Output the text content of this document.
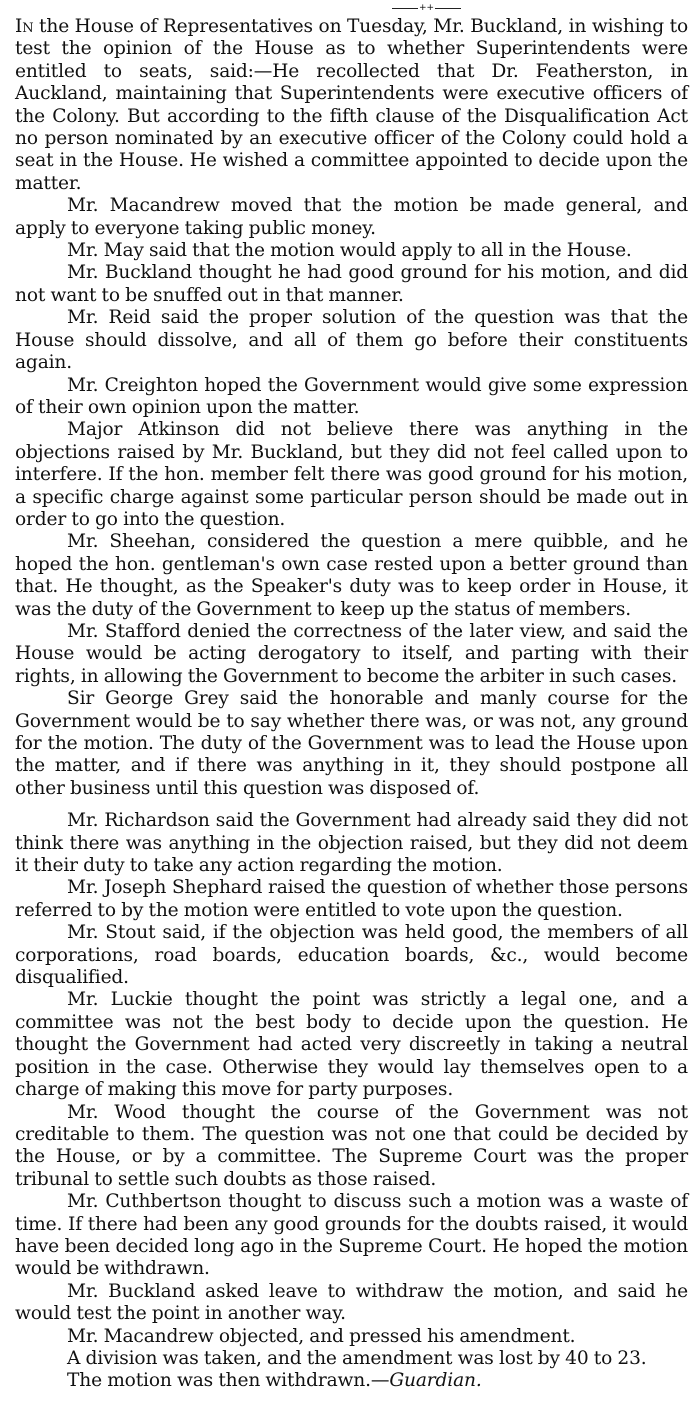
++

In the House of Representatives on Tuesday, Mr. Buckland, in wishing to test the opinion of the House as to whether Superintendents were entitled to seats, said:—He recollected that Dr. Featherston, in Auckland, maintaining that Superintendents were executive officers of the Colony. But according to the fifth clause of the Disqualification Act no person nominated by an executive officer of the Colony could hold a seat in the House. He wished a committee appointed to decide upon the matter.

Mr. Macandrew moved that the motion be made general, and apply to everyone taking public money.

Mr. May said that the motion would apply to all in the House.

Mr. Buckland thought he had good ground for his motion, and did not want to be snuffed out in that manner.

Mr. Reid said the proper solution of the question was that the House should dissolve, and all of them go before their constituents again.

Mr. Creighton hoped the Government would give some expression of their own opinion upon the matter.

Major Atkinson did not believe there was anything in the objections raised by Mr. Buckland, but they did not feel called upon to interfere. If the hon. member felt there was good ground for his motion, a specific charge against some particular person should be made out in order to go into the question.

Mr. Sheehan, considered the question a mere quibble, and he hoped the hon. gentleman's own case rested upon a better ground than that. He thought, as the Speaker's duty was to keep order in House, it was the duty of the Government to keep up the status of members.

Mr. Stafford denied the correctness of the later view, and said the House would be acting derogatory to itself, and parting with their rights, in allowing the Government to become the arbiter in such cases.

Sir George Grey said the honorable and manly course for the Government would be to say whether there was, or was not, any ground for the motion. The duty of the Government was to lead the House upon the matter, and if there was anything in it, they should postpone all other business until this question was disposed of.

Mr. Richardson said the Government had already said they did not think there was anything in the objection raised, but they did not deem it their duty to take any action regarding the motion.

Mr. Joseph Shephard raised the question of whether those persons referred to by the motion were entitled to vote upon the question.

Mr. Stout said, if the objection was held good, the members of all corporations, road boards, education boards, &c., would become disqualified.

Mr. Luckie thought the point was strictly a legal one, and a committee was not the best body to decide upon the question. He thought the Government had acted very discreetly in taking a neutral position in the case. Otherwise they would lay themselves open to a charge of making this move for party purposes.

Mr. Wood thought the course of the Government was not creditable to them. The question was not one that could be decided by the House, or by a committee. The Supreme Court was the proper tribunal to settle such doubts as those raised.

Mr. Cuthbertson thought to discuss such a motion was a waste of time. If there had been any good grounds for the doubts raised, it would have been decided long ago in the Supreme Court. He hoped the motion would be withdrawn.

Mr. Buckland asked leave to withdraw the motion, and said he would test the point in another way.

Mr. Macandrew objected, and pressed his amendment.

A division was taken, and the amendment was lost by 40 to 23.

The motion was then withdrawn.—Guardian.
